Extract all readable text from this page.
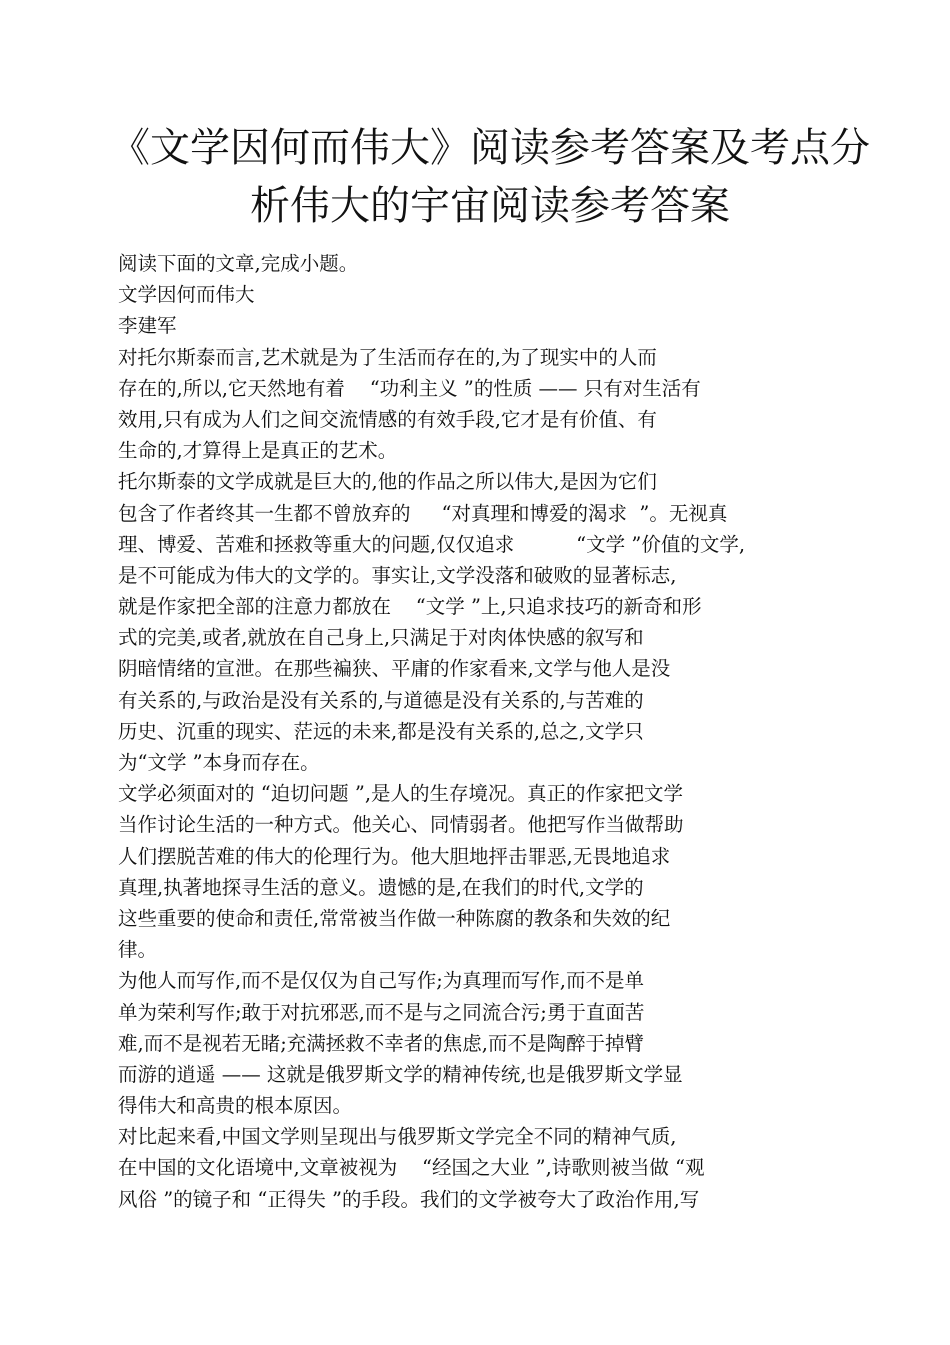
《文学因何而伟大》阅读参考答案及考点分
析伟大的宇宙阅读参考答案
阅读下面的文章,完成小题。
文学因何而伟大
李建军
对托尔斯泰而言,艺术就是为了生活而存在的,为了现实中的人而
存在的,所以,它天然地有着    “功利主义 ”的性质 —— 只有对生活有
效用,只有成为人们之间交流情感的有效手段,它才是有价值、有
生命的,才算得上是真正的艺术。
托尔斯泰的文学成就是巨大的,他的作品之所以伟大,是因为它们
包含了作者终其一生都不曾放弃的     “对真理和博爱的渴求  ”。无视真
理、博爱、苦难和拯救等重大的问题,仅仅追求          “文学 ”价值的文学,
是不可能成为伟大的文学的。事实让,文学没落和破败的显著标志,
就是作家把全部的注意力都放在    “文学 ”上,只追求技巧的新奇和形
式的完美,或者,就放在自己身上,只满足于对肉体快感的叙写和
阴暗情绪的宣泄。在那些褊狭、平庸的作家看来,文学与他人是没
有关系的,与政治是没有关系的,与道德是没有关系的,与苦难的
历史、沉重的现实、茫远的未来,都是没有关系的,总之,文学只
为“文学 ”本身而存在。
文学必须面对的 “迫切问题 ”,是人的生存境况。真正的作家把文学
当作讨论生活的一种方式。他关心、同情弱者。他把写作当做帮助
人们摆脱苦难的伟大的伦理行为。他大胆地抨击罪恶,无畏地追求
真理,执著地探寻生活的意义。遗憾的是,在我们的时代,文学的
这些重要的使命和责任,常常被当作做一种陈腐的教条和失效的纪
律。
为他人而写作,而不是仅仅为自己写作;为真理而写作,而不是单
单为荣利写作;敢于对抗邪恶,而不是与之同流合污;勇于直面苦
难,而不是视若无睹;充满拯救不幸者的焦虑,而不是陶醉于掉臂
而游的逍遥 —— 这就是俄罗斯文学的精神传统,也是俄罗斯文学显
得伟大和高贵的根本原因。
对比起来看,中国文学则呈现出与俄罗斯文学完全不同的精神气质,
在中国的文化语境中,文章被视为    “经国之大业 ”,诗歌则被当做 “观
风俗 ”的镜子和 “正得失 ”的手段。我们的文学被夸大了政治作用,写
